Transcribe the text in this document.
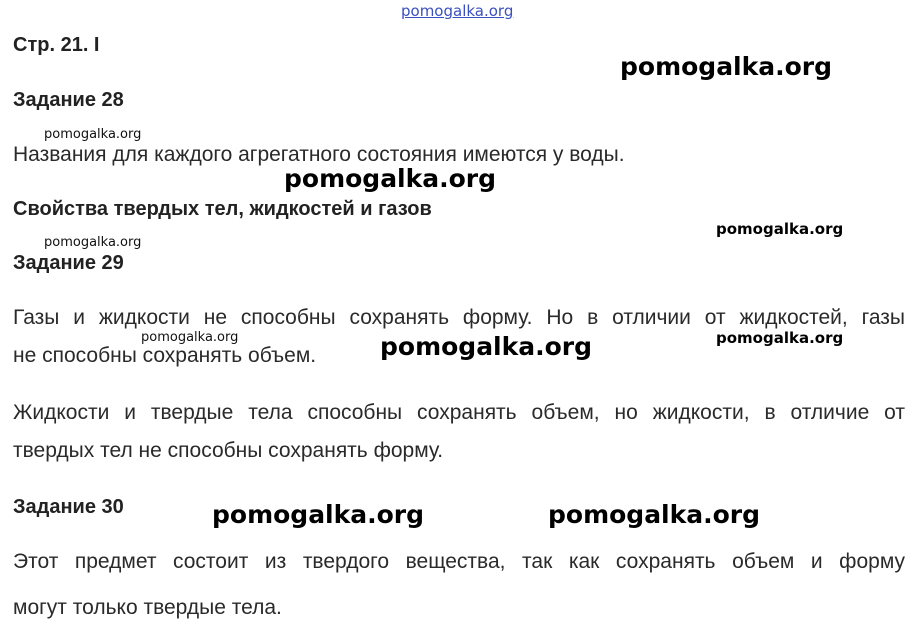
pomogalka.org
pomogalka.org
pomogalka.org
pomogalka.org
pomogalka.org
pomogalka.org
pomogalka.org	pomogalka.org
pomogalka.org
pomogalka.org	pomogalka.org
Стр. 21. I
Задание 28
Названия для каждого агрегатного состояния имеются у воды.
Свойства твердых тел, жидкостей и газов
Задание 29
Газы и жидкости не способны сохранять форму. Но в отличии от жидкостей, газы
не способны сохранять объем.
Жидкости и твердые тела способны сохранять объем, но жидкости, в отличие от
твердых тел не способны сохранять форму.
Задание 30
Этот предмет состоит из твердого вещества, так как сохранять объем и форму
могут только твердые тела.
